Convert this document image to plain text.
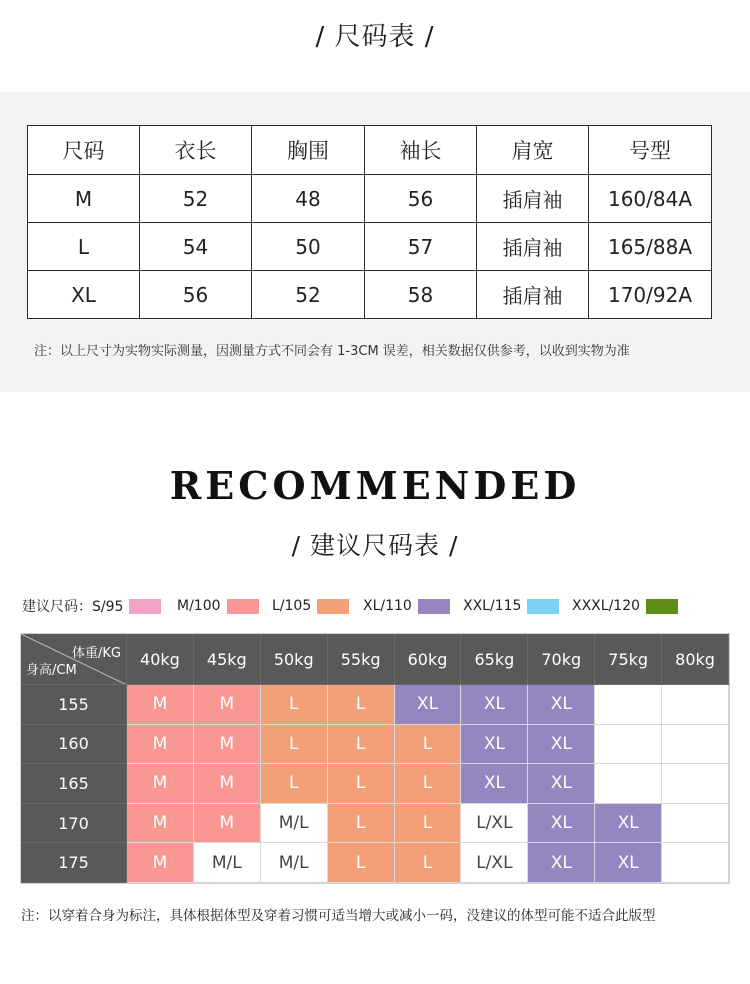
/ 尺码表 /
尺码	衣长	胸围	袖长	肩宽	号型
M	52	48	56	插肩袖	160/84A
L	54	50	57	插肩袖	165/88A
XL	56	52	58	插肩袖	170/92A
注：以上尺寸为实物实际测量，因测量方式不同会有 1-3CM 误差，相关数据仅供参考，以收到实物为准
RECOMMENDED
/ 建议尺码表 /
建议尺码：S/95	M/100	L/105	XL/110	XXL/115	XXXL/120
体重/KG
身高/CM
40kg	45kg	50kg	55kg	60kg	65kg	70kg	75kg	80kg
155	M	M	L	L	XL	XL	XL
160	M	M	L	L	L	XL	XL
165	M	M	L	L	L	XL	XL
170	M	M	M/L	L	L	L/XL	XL	XL
175	M	M/L	M/L	L	L	L/XL	XL	XL
注：以穿着合身为标注，具体根据体型及穿着习惯可适当增大或减小一码，没建议的体型可能不适合此版型
